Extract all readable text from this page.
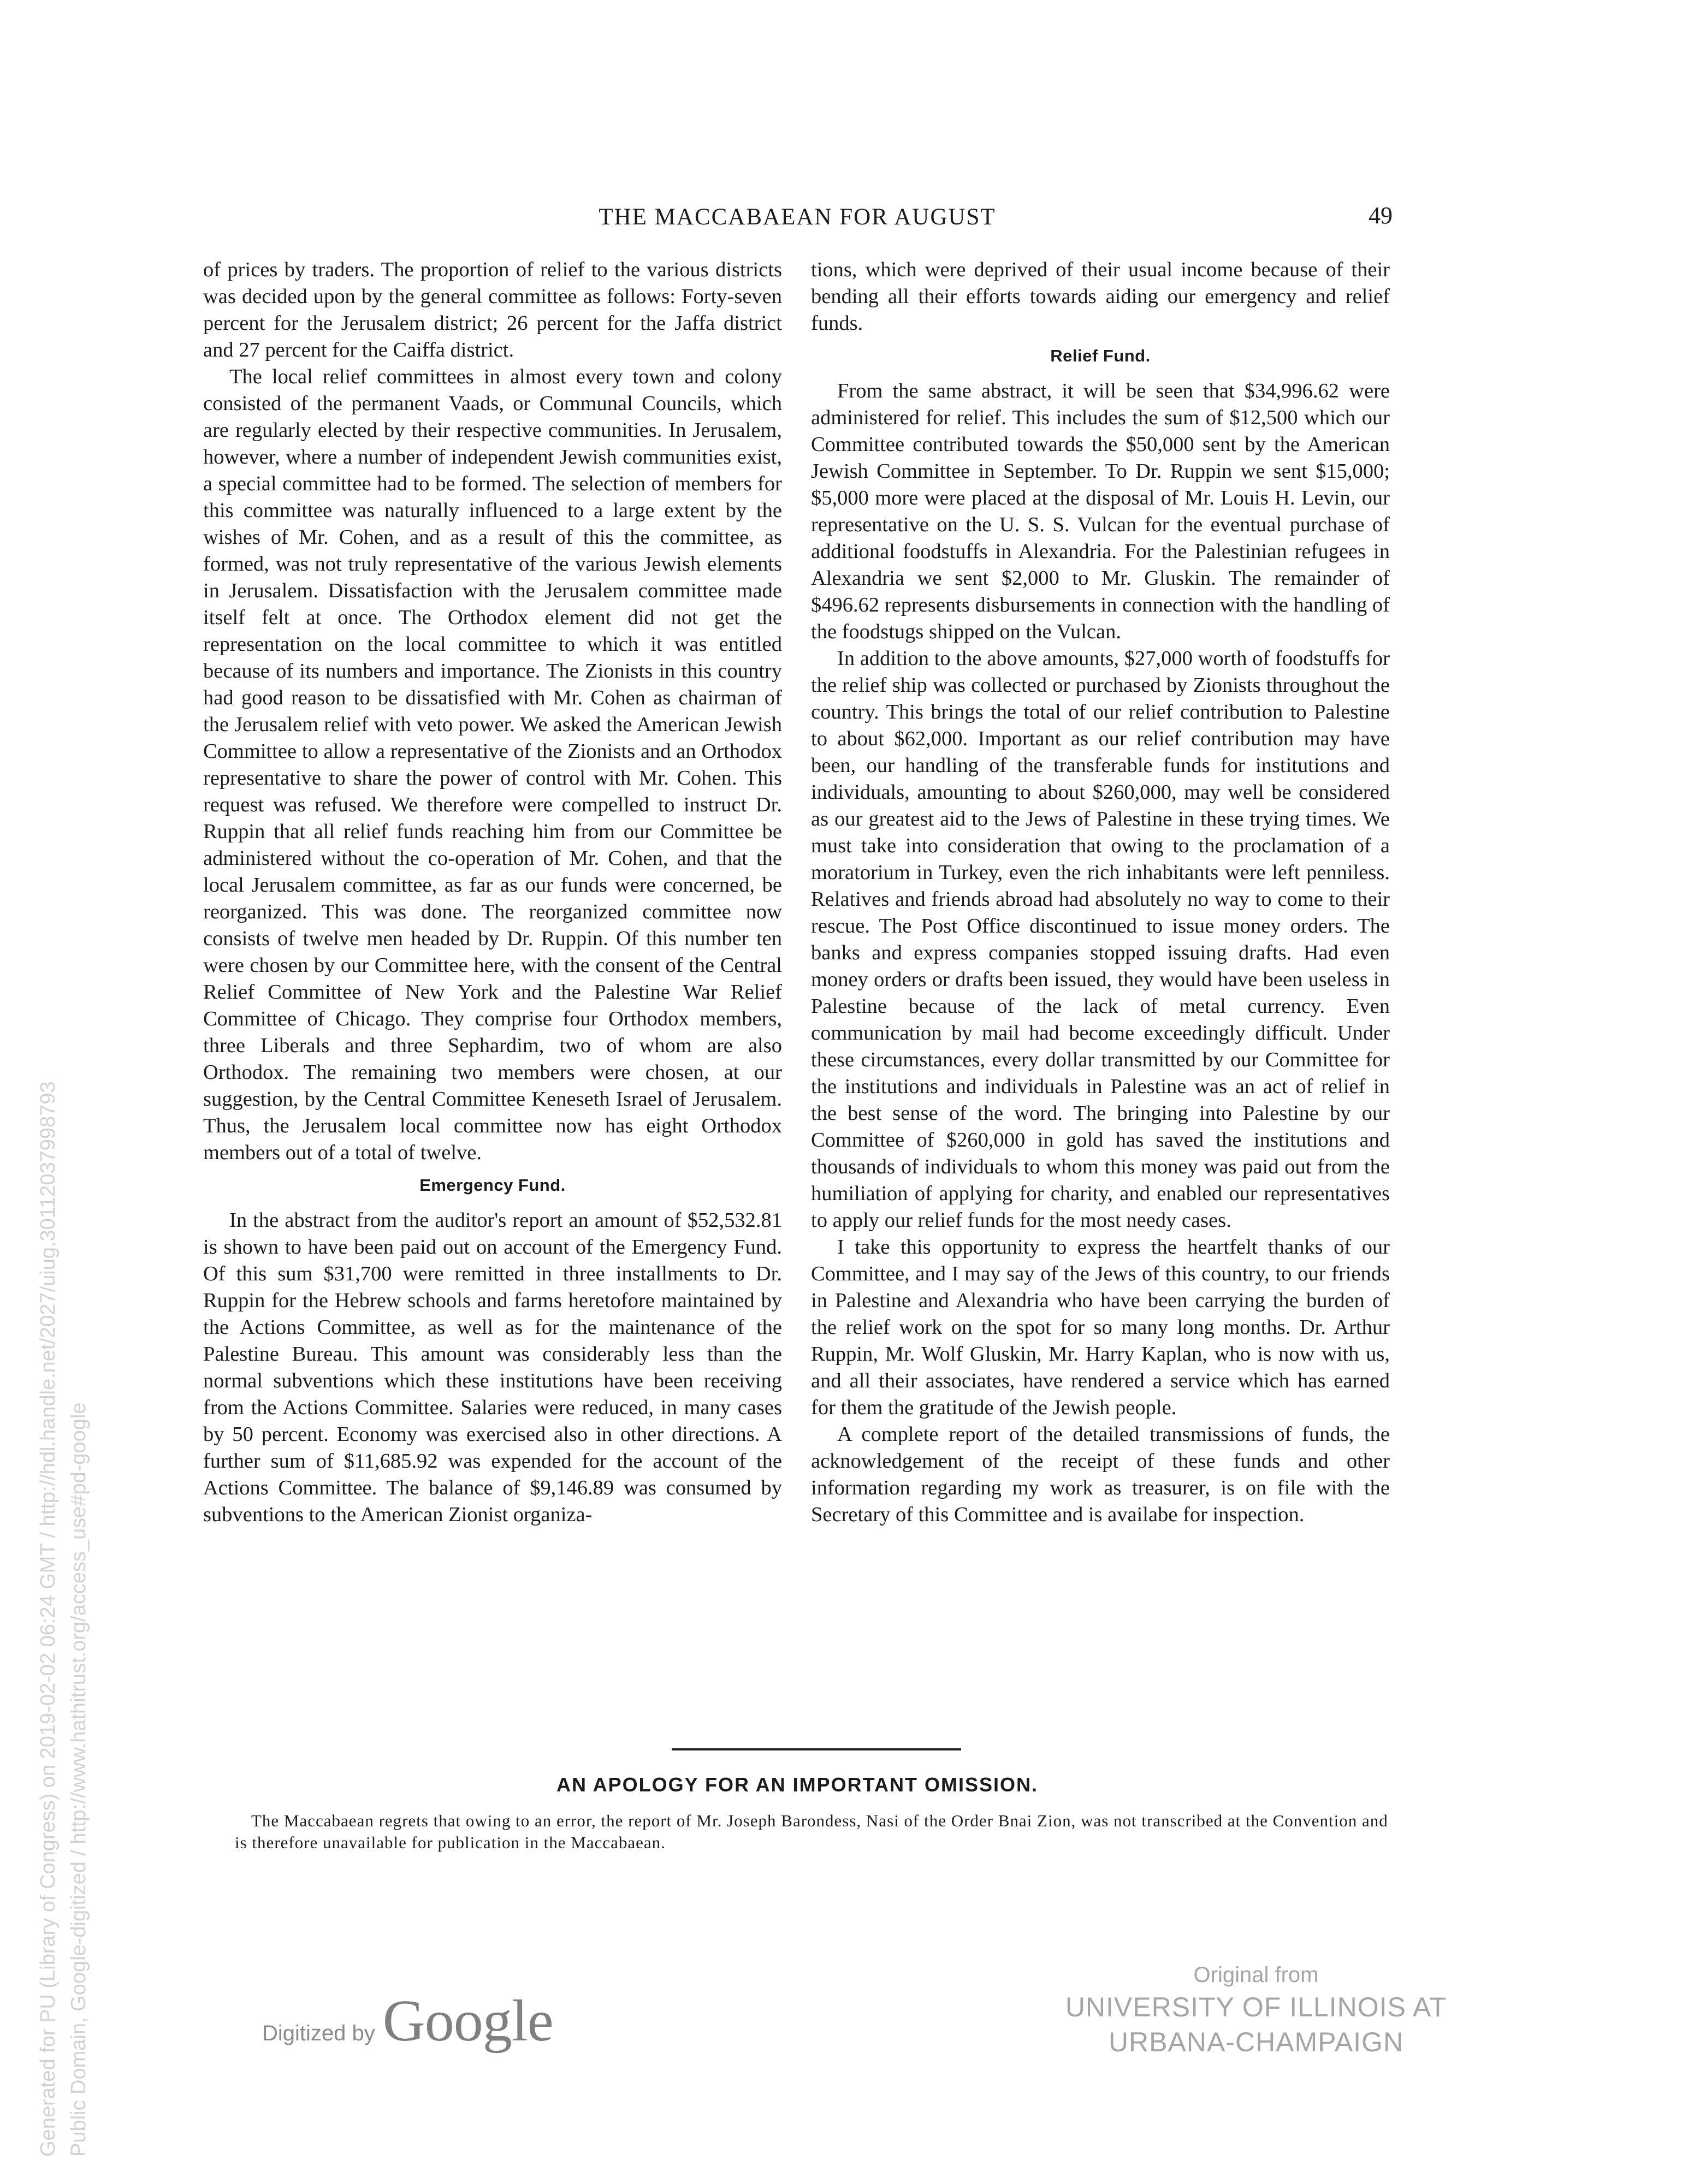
THE MACCABAEAN FOR AUGUST	49

of prices by traders. The proportion of relief to the various districts was decided upon by the general committee as follows: Forty-seven percent for the Jerusalem district; 26 percent for the Jaffa district and 27 percent for the Caiffa district.

The local relief committees in almost every town and colony consisted of the permanent Vaads, or Communal Councils, which are regularly elected by their respective communities. In Jerusalem, however, where a number of independent Jewish communities exist, a special committee had to be formed. The selection of members for this committee was naturally influenced to a large extent by the wishes of Mr. Cohen, and as a result of this the committee, as formed, was not truly representative of the various Jewish elements in Jerusalem. Dissatisfaction with the Jerusalem committee made itself felt at once. The Orthodox element did not get the representation on the local committee to which it was entitled because of its numbers and importance. The Zionists in this country had good reason to be dissatisfied with Mr. Cohen as chairman of the Jerusalem relief with veto power. We asked the American Jewish Committee to allow a representative of the Zionists and an Orthodox representative to share the power of control with Mr. Cohen. This request was refused. We therefore were compelled to instruct Dr. Ruppin that all relief funds reaching him from our Committee be administered without the co-operation of Mr. Cohen, and that the local Jerusalem committee, as far as our funds were concerned, be reorganized. This was done. The reorganized committee now consists of twelve men headed by Dr. Ruppin. Of this number ten were chosen by our Committee here, with the consent of the Central Relief Committee of New York and the Palestine War Relief Committee of Chicago. They comprise four Orthodox members, three Liberals and three Sephardim, two of whom are also Orthodox. The remaining two members were chosen, at our suggestion, by the Central Committee Keneseth Israel of Jerusalem. Thus, the Jerusalem local committee now has eight Orthodox members out of a total of twelve.

Emergency Fund.

In the abstract from the auditor's report an amount of $52,532.81 is shown to have been paid out on account of the Emergency Fund. Of this sum $31,700 were remitted in three installments to Dr. Ruppin for the Hebrew schools and farms heretofore maintained by the Actions Committee, as well as for the maintenance of the Palestine Bureau. This amount was considerably less than the normal subventions which these institutions have been receiving from the Actions Committee. Salaries were reduced, in many cases by 50 percent. Economy was exercised also in other directions. A further sum of $11,685.92 was expended for the account of the Actions Committee. The balance of $9,146.89 was consumed by subventions to the American Zionist organiza-

tions, which were deprived of their usual income because of their bending all their efforts towards aiding our emergency and relief funds.

Relief Fund.

From the same abstract, it will be seen that $34,996.62 were administered for relief. This includes the sum of $12,500 which our Committee contributed towards the $50,000 sent by the American Jewish Committee in September. To Dr. Ruppin we sent $15,000; $5,000 more were placed at the disposal of Mr. Louis H. Levin, our representative on the U. S. S. Vulcan for the eventual purchase of additional foodstuffs in Alexandria. For the Palestinian refugees in Alexandria we sent $2,000 to Mr. Gluskin. The remainder of $496.62 represents disbursements in connection with the handling of the foodstugs shipped on the Vulcan.

In addition to the above amounts, $27,000 worth of foodstuffs for the relief ship was collected or purchased by Zionists throughout the country. This brings the total of our relief contribution to Palestine to about $62,000. Important as our relief contribution may have been, our handling of the transferable funds for institutions and individuals, amounting to about $260,000, may well be considered as our greatest aid to the Jews of Palestine in these trying times. We must take into consideration that owing to the proclamation of a moratorium in Turkey, even the rich inhabitants were left penniless. Relatives and friends abroad had absolutely no way to come to their rescue. The Post Office discontinued to issue money orders. The banks and express companies stopped issuing drafts. Had even money orders or drafts been issued, they would have been useless in Palestine because of the lack of metal currency. Even communication by mail had become exceedingly difficult. Under these circumstances, every dollar transmitted by our Committee for the institutions and individuals in Palestine was an act of relief in the best sense of the word. The bringing into Palestine by our Committee of $260,000 in gold has saved the institutions and thousands of individuals to whom this money was paid out from the humiliation of applying for charity, and enabled our representatives to apply our relief funds for the most needy cases.

I take this opportunity to express the heartfelt thanks of our Committee, and I may say of the Jews of this country, to our friends in Palestine and Alexandria who have been carrying the burden of the relief work on the spot for so many long months. Dr. Arthur Ruppin, Mr. Wolf Gluskin, Mr. Harry Kaplan, who is now with us, and all their associates, have rendered a service which has earned for them the gratitude of the Jewish people.

A complete report of the detailed transmissions of funds, the acknowledgement of the receipt of these funds and other information regarding my work as treasurer, is on file with the Secretary of this Committee and is availabe for inspection.

AN APOLOGY FOR AN IMPORTANT OMISSION.

The Maccabaean regrets that owing to an error, the report of Mr. Joseph Barondess, Nasi of the Order Bnai Zion, was not transcribed at the Convention and is therefore unavailable for publication in the Maccabaean.

Generated for PU (Library of Congress) on 2019-02-02 06:24 GMT / http://hdl.handle.net/2027/uiug.30112037998793 Public Domain, Google-digitized / http://www.hathitrust.org/access_use#pd-google	Digitized by Google
Original from
UNIVERSITY OF ILLINOIS AT
URBANA-CHAMPAIGN
